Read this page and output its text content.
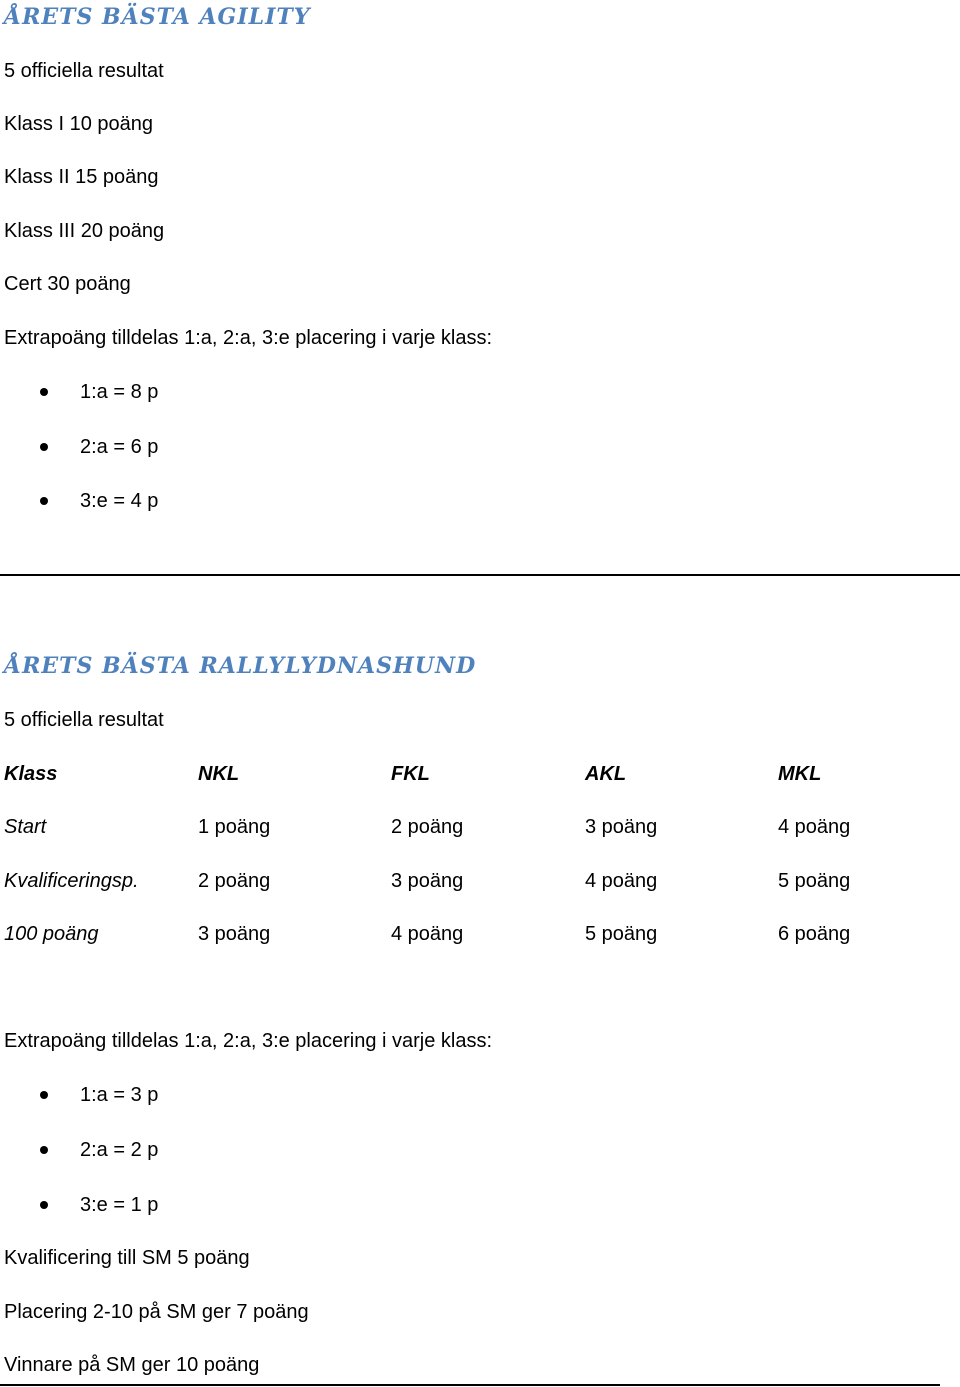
ÅRETS BÄSTA AGILITY

5 officiella resultat

Klass I 10 poäng

Klass II 15 poäng

Klass III 20 poäng

Cert 30 poäng

Extrapoäng tilldelas 1:a, 2:a, 3:e placering i varje klass:

1:a = 8 p
2:a = 6 p
3:e = 4 p
ÅRETS BÄSTA RALLYLYDNASHUND

5 officiella resultat

Klass	NKL	FKL	AKL	MKL
Start	1 poäng	2 poäng	3 poäng	4 poäng
Kvalificeringsp.	2 poäng	3 poäng	4 poäng	5 poäng
100 poäng	3 poäng	4 poäng	5 poäng	6 poäng

Extrapoäng tilldelas 1:a, 2:a, 3:e placering i varje klass:

1:a = 3 p
2:a = 2 p
3:e = 1 p

Kvalificering till SM 5 poäng

Placering 2-10 på SM ger 7 poäng

Vinnare på SM ger 10 poäng
